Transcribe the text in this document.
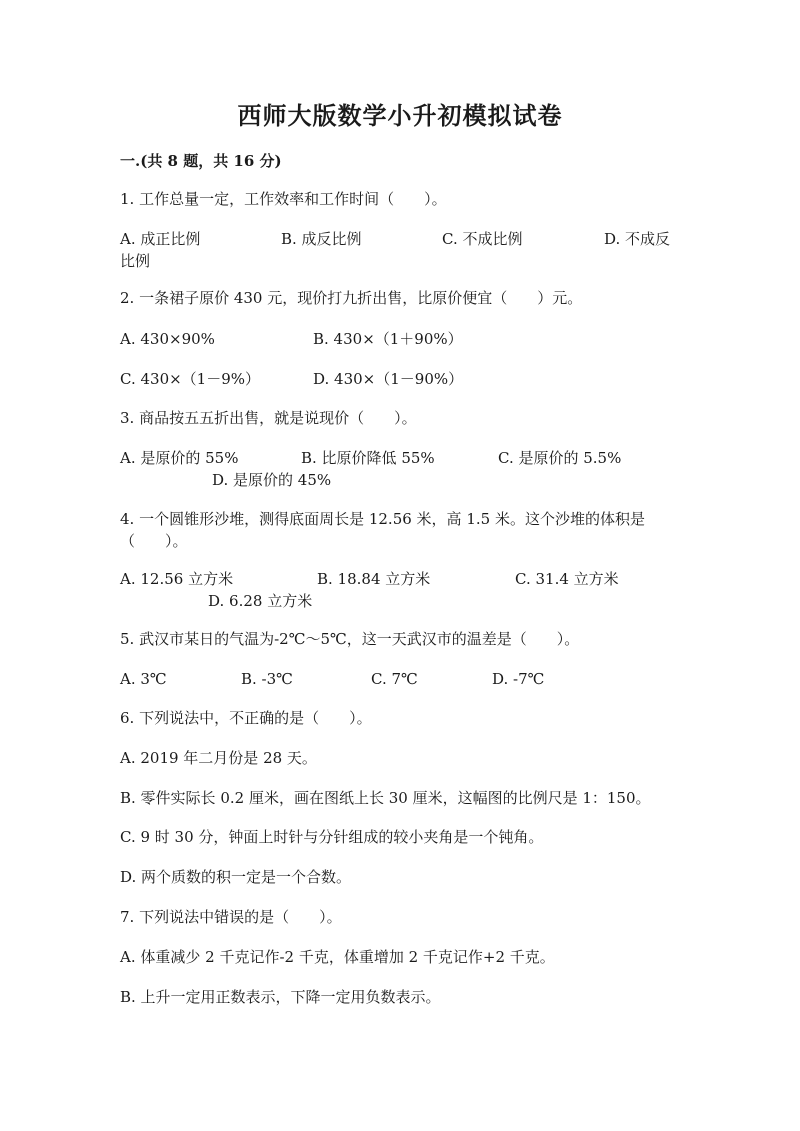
西师大版数学小升初模拟试卷
一.(共 8 题，共 16 分)
1. 工作总量一定，工作效率和工作时间（　　）。
A. 成正比例	B. 成反比例	C. 不成比例	D. 不成反
比例
2. 一条裙子原价 430 元，现价打九折出售，比原价便宜（　　）元。
A. 430×90%	B. 430×（1＋90%）
C. 430×（1－9%）	D. 430×（1－90%）
3. 商品按五五折出售，就是说现价（　　）。
A. 是原价的 55%	B. 比原价降低 55%	C. 是原价的 5.5%
D. 是原价的 45%
4. 一个圆锥形沙堆，测得底面周长是 12.56 米，高 1.5 米。这个沙堆的体积是
（　　）。
A. 12.56 立方米	B. 18.84 立方米	C. 31.4 立方米
D. 6.28 立方米
5. 武汉市某日的气温为-2℃～5℃，这一天武汉市的温差是（　　）。
A. 3℃	B. -3℃	C. 7℃	D. -7℃
6. 下列说法中，不正确的是（　　）。
A. 2019 年二月份是 28 天。
B. 零件实际长 0.2 厘米，画在图纸上长 30 厘米，这幅图的比例尺是 1：150。
C. 9 时 30 分，钟面上时针与分针组成的较小夹角是一个钝角。
D. 两个质数的积一定是一个合数。
7. 下列说法中错误的是（　　）。
A. 体重减少 2 千克记作-2 千克，体重增加 2 千克记作+2 千克。
B. 上升一定用正数表示，下降一定用负数表示。
